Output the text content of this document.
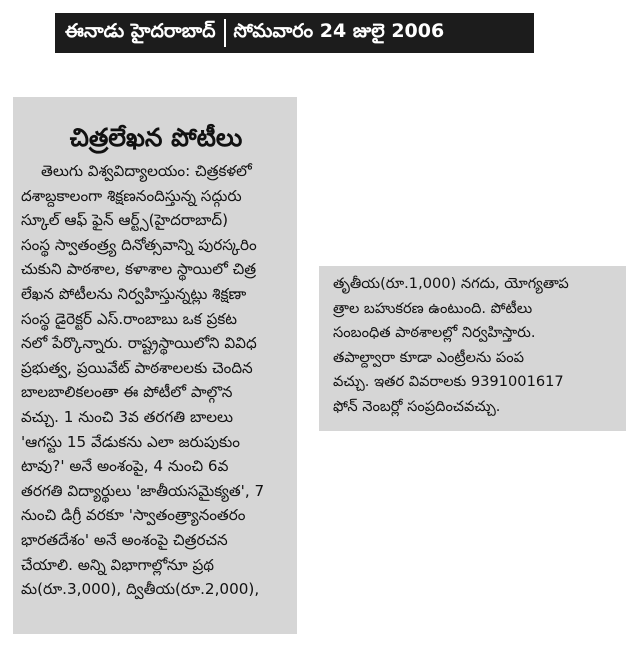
ఈనాడు హైదరాబాద్ సోమవారం 24 జులై 2006
చిత్రలేఖన పోటీలు
తెలుగు విశ్వవిద్యాలయం: చిత్రకళలో
దశాబ్దకాలంగా శిక్షణనందిస్తున్న సద్గురు
స్కూల్ ఆఫ్ ఫైన్ ఆర్ట్స్(హైదరాబాద్)
సంస్థ స్వాతంత్ర్య దినోత్సవాన్ని పురస్కరిం
చుకుని పాఠశాల, కళాశాల స్థాయిలో చిత్ర
లేఖన పోటీలను నిర్వహిస్తున్నట్లు శిక్షణా
సంస్థ డైరెక్టర్ ఎస్.రాంబాబు ఒక ప్రకట
నలో పేర్కొన్నారు. రాష్ట్రస్థాయిలోని వివిధ
ప్రభుత్వ, ప్రయివేట్ పాఠశాలలకు చెందిన
బాలబాలికలంతా ఈ పోటీలో పాల్గొన
వచ్చు. 1 నుంచి 3వ తరగతి బాలలు
'ఆగస్టు 15 వేడుకను ఎలా జరుపుకుం
టావు?' అనే అంశంపై, 4 నుంచి 6వ
తరగతి విద్యార్థులు 'జాతీయసమైక్యత', 7
నుంచి డిగ్రీ వరకూ 'స్వాతంత్ర్యానంతరం
భారతదేశం' అనే అంశంపై చిత్రరచన
చేయాలి. అన్ని విభాగాల్లోనూ ప్రథ
మ(రూ.3,000), ద్వితీయ(రూ.2,000),
తృతీయ(రూ.1,000) నగదు, యోగ్యతాప
త్రాల బహుకరణ ఉంటుంది. పోటీలు
సంబంధిత పాఠశాలల్లో నిర్వహిస్తారు.
తపాల్ద్వారా కూడా ఎంట్రీలను పంప
వచ్చు. ఇతర వివరాలకు 9391001617
ఫోన్ నెంబర్లో సంప్రదించవచ్చు.
